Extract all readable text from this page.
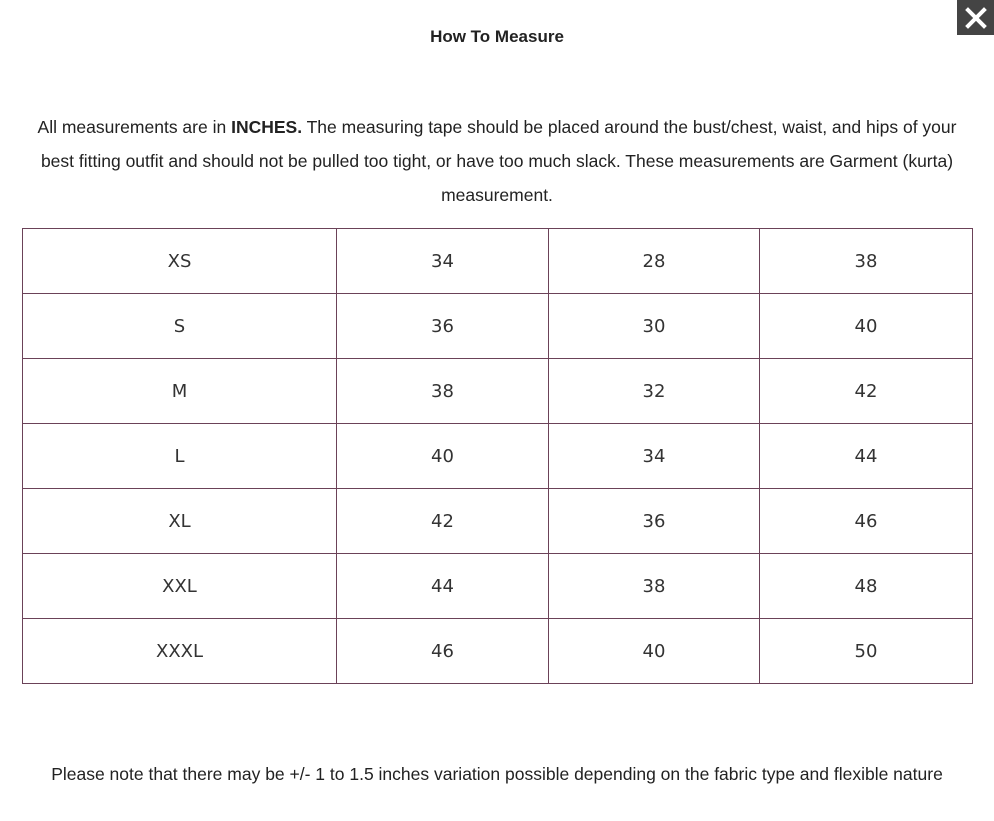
How To Measure

All measurements are in INCHES. The measuring tape should be placed around the bust/chest, waist, and hips of your best fitting outfit and should not be pulled too tight, or have too much slack. These measurements are Garment (kurta) measurement.

XS	34	28	38
S	36	30	40
M	38	32	42
L	40	34	44
XL	42	36	46
XXL	44	38	48
XXXL	46	40	50

Please note that there may be +/- 1 to 1.5 inches variation possible depending on the fabric type and flexible nature
